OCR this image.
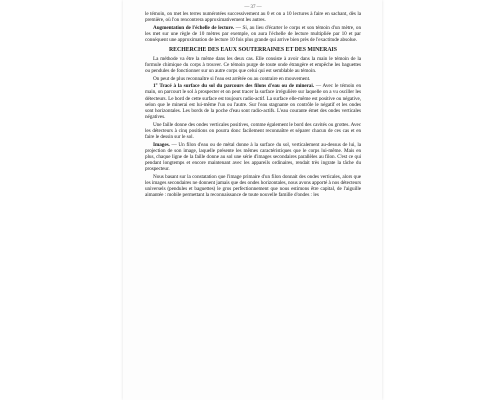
— 37 —

le témoin, on met les terres numérotées successivement au 0 et on a 10 lectures à faire en sachant, dès la première, où l'on rencontrera approximativement les autres.

Augmentation de l'échelle de lecture. — Si, au lieu d'écarter le corps et son témoin d'un mètre, on les met sur une règle de 10 mètres par exemple, on aura l'échelle de lecture multipliée par 10 et par conséquent une approximation de lecture 10 fois plus grande qui arrive bien près de l'exactitude absolue.

RECHERCHE DES EAUX SOUTERRAINES ET DES MINERAIS

La méthode va être la même dans les deux cas. Elle consiste à avoir dans la main le témoin de la formule chimique du corps à trouver. Ce témoin purge de toute onde étrangère et empêche les baguettes ou pendules de fonctionner sur un autre corps que celui qui est semblable au témoin.

On peut de plus reconnaître si l'eau est arrêtée ou au contraire en mouvement.

1° Tracé à la surface du sol du parcours des filons d'eau ou de minerai. — Avec le témoin en main, on parcourt le sol à prospecter et on peut tracer la surface irrégulière sur laquelle on a vu osciller les détecteurs. Le bord de cette surface est toujours radio-actif. La surface elle-même est positive ou négative, selon que le minerai est lui-même l'un ou l'autre. Sur l'eau stagnante on contrôle le négatif et les ondes sont horizontales. Les bords de la poche d'eau sont radio-actifs. L'eau courante émet des ondes verticales négatives.

Une faille donne des ondes verticales positives, comme également le bord des cavités ou grottes. Avec les détecteurs à cinq positions on pourra donc facilement reconnaître et séparer chacun de ces cas et en faire le dessin sur le sol.

Images. — Un filon d'eau ou de métal donne à la surface du sol, verticalement au-dessus de lui, la projection de son image, laquelle présente les mêmes caractéristiques que le corps lui-même. Mais en plus, chaque ligne de la faille donne au sol une série d'images secondaires parallèles au filon. C'est ce qui pendant longtemps et encore maintenant avec les appareils ordinaires, rendait très ingrate la tâche du prospecteur.

Nous basant sur la constatation que l'image primaire d'un filon donnait des ondes verticales, alors que les images secondaires ne donnent jamais que des ondes horizontales, nous avons apporté à nos détecteurs universels (pendules et baguettes) le gros perfectionnement que nous estimons être capital, de l'aiguille aimantée : mobile permettant la reconnaissance de toute nouvelle famille d'ondes : les
